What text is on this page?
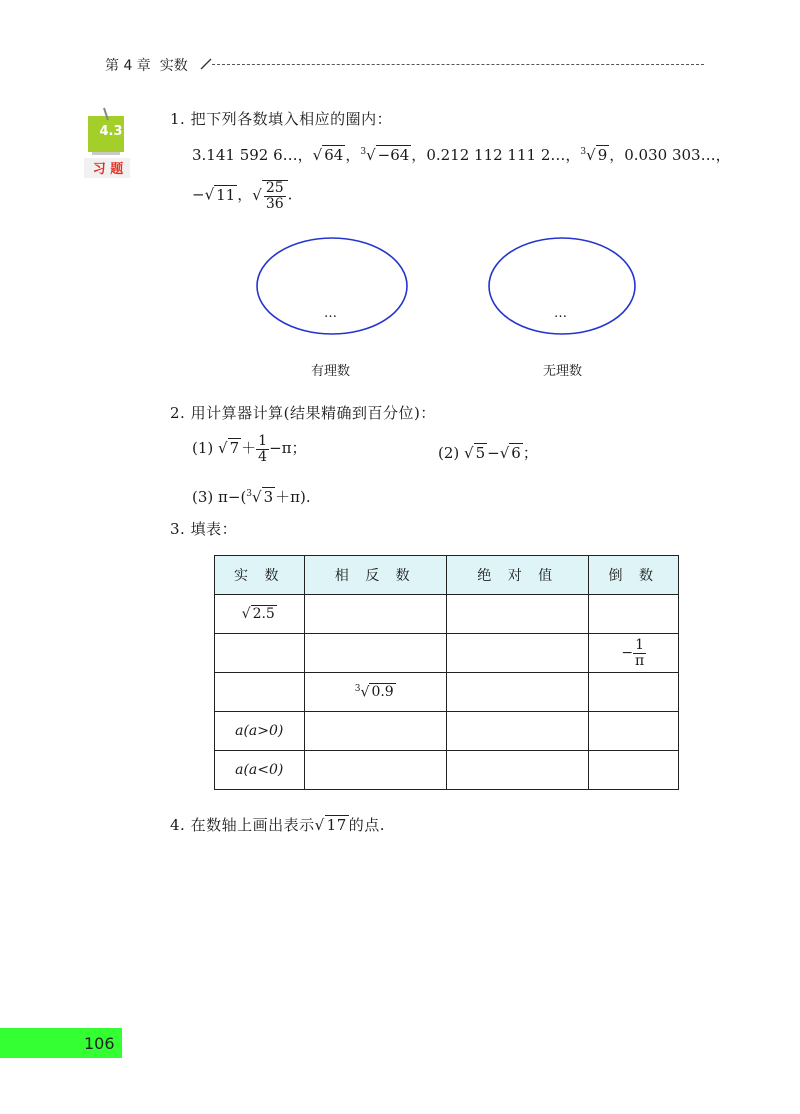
第 4 章 实数
4.3
习 题
1. 把下列各数填入相应的圈内：
3.141 592 6…，√ 64 ，$^3$√ −64 ，0.212 112 111 2…，$^3$√ 9 ，0.030 303…，
−√ 11 ，√ $\frac{25}{36}$ .
…	…
有理数	无理数
2. 用计算器计算(结果精确到百分位)：
(1) √ $7 + \frac{1}{4} -\pi$；	(2) √ 5 −√ 6 ；
(3) π−($^3$√ 3 ＋π).
3. 填表：
实 数	相 反 数	绝 对 值	倒 数
√ 2.5			
			− $\frac{1}{\pi}$

	$^3$√ 0.9		
a(a>0)			
a(a<0)			
4. 在数轴上画出表示√ 17 的点.
106
